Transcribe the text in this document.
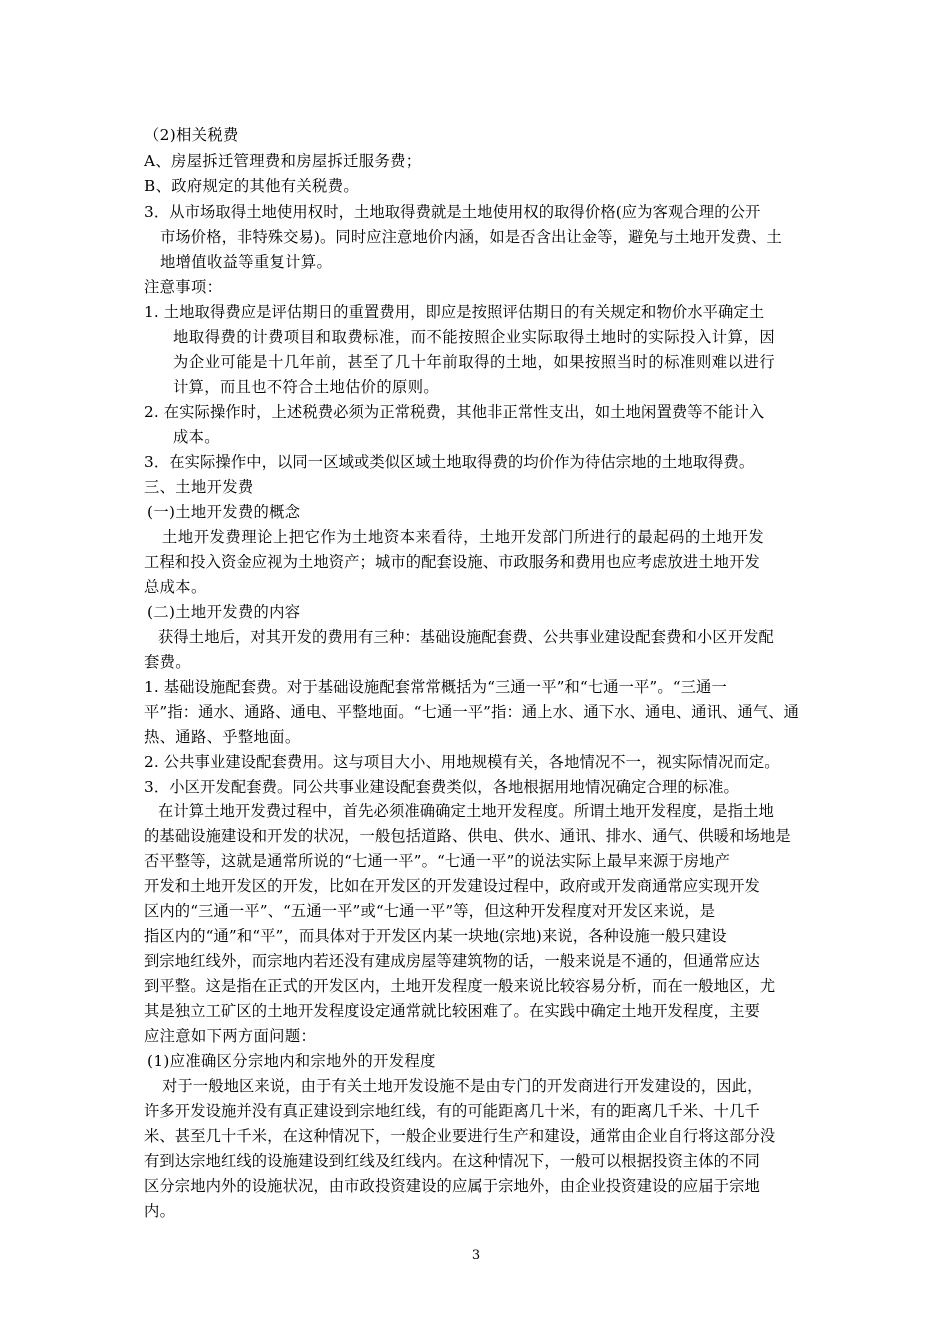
（2)相关税费
A、房屋拆迁管理费和房屋拆迁服务费；
B、政府规定的其他有关税费。
3．从市场取得土地使用权时，土地取得费就是土地使用权的取得价格(应为客观合理的公开
市场价格，非特殊交易)。同时应注意地价内涵，如是否含出让金等，避免与土地开发费、土
地增值收益等重复计算。
注意事项：
1. 土地取得费应是评估期日的重置费用，即应是按照评估期日的有关规定和物价水平确定土
地取得费的计费项目和取费标准，而不能按照企业实际取得土地时的实际投入计算，因
为企业可能是十几年前，甚至了几十年前取得的土地，如果按照当时的标准则难以进行
计算，而且也不符合土地估价的原则。
2. 在实际操作时，上述税费必须为正常税费，其他非正常性支出，如土地闲置费等不能计入
成本。
3．在实际操作中，以同一区域或类似区域土地取得费的均价作为待估宗地的土地取得费。
三、土地开发费
(一)土地开发费的概念
土地开发费理论上把它作为土地资本来看待，土地开发部门所进行的最起码的土地开发
工程和投入资金应视为土地资产；城市的配套设施、市政服务和费用也应考虑放进土地开发
总成本。
(二)土地开发费的内容
获得土地后，对其开发的费用有三种：基础设施配套费、公共事业建设配套费和小区开发配
套费。
1. 基础设施配套费。对于基础设施配套常常概括为“三通一平”和“七通一平”。“三通一
平”指：通水、通路、通电、平整地面。“七通一平”指：通上水、通下水、通电、通讯、通气、通
热、通路、乎整地面。
2. 公共事业建设配套费用。这与项目大小、用地规模有关，各地情况不一，视实际情况而定。
3．小区开发配套费。同公共事业建设配套费类似，各地根据用地情况确定合理的标准。
在计算土地开发费过程中，首先必须准确确定土地开发程度。所谓土地开发程度，是指土地
的基础设施建设和开发的状况，一般包括道路、供电、供水、通讯、排水、通气、供暖和场地是
否平整等，这就是通常所说的“七通一平”。“七通一平”的说法实际上最早来源于房地产
开发和土地开发区的开发，比如在开发区的开发建设过程中，政府或开发商通常应实现开发
区内的“三通一平”、“五通一平”或“七通一平”等，但这种开发程度对开发区来说，是
指区内的“通”和“平”，而具体对于开发区内某一块地(宗地)来说，各种设施一般只建设
到宗地红线外，而宗地内若还没有建成房屋等建筑物的话，一般来说是不通的，但通常应达
到平整。这是指在正式的开发区内，土地开发程度一般来说比较容易分析，而在一般地区，尤
其是独立工矿区的土地开发程度设定通常就比较困难了。在实践中确定土地开发程度，主要
应注意如下两方面问题：
(1)应准确区分宗地内和宗地外的开发程度
对于一般地区来说，由于有关土地开发设施不是由专门的开发商进行开发建设的，因此，
许多开发设施并没有真正建设到宗地红线，有的可能距离几十米，有的距离几千米、十几千
米、甚至几十千米，在这种情况下，一般企业要进行生产和建设，通常由企业自行将这部分没
有到达宗地红线的设施建设到红线及红线内。在这种情况下，一般可以根据投资主体的不同
区分宗地内外的设施状况，由市政投资建设的应属于宗地外，由企业投资建设的应届于宗地
内。
3
